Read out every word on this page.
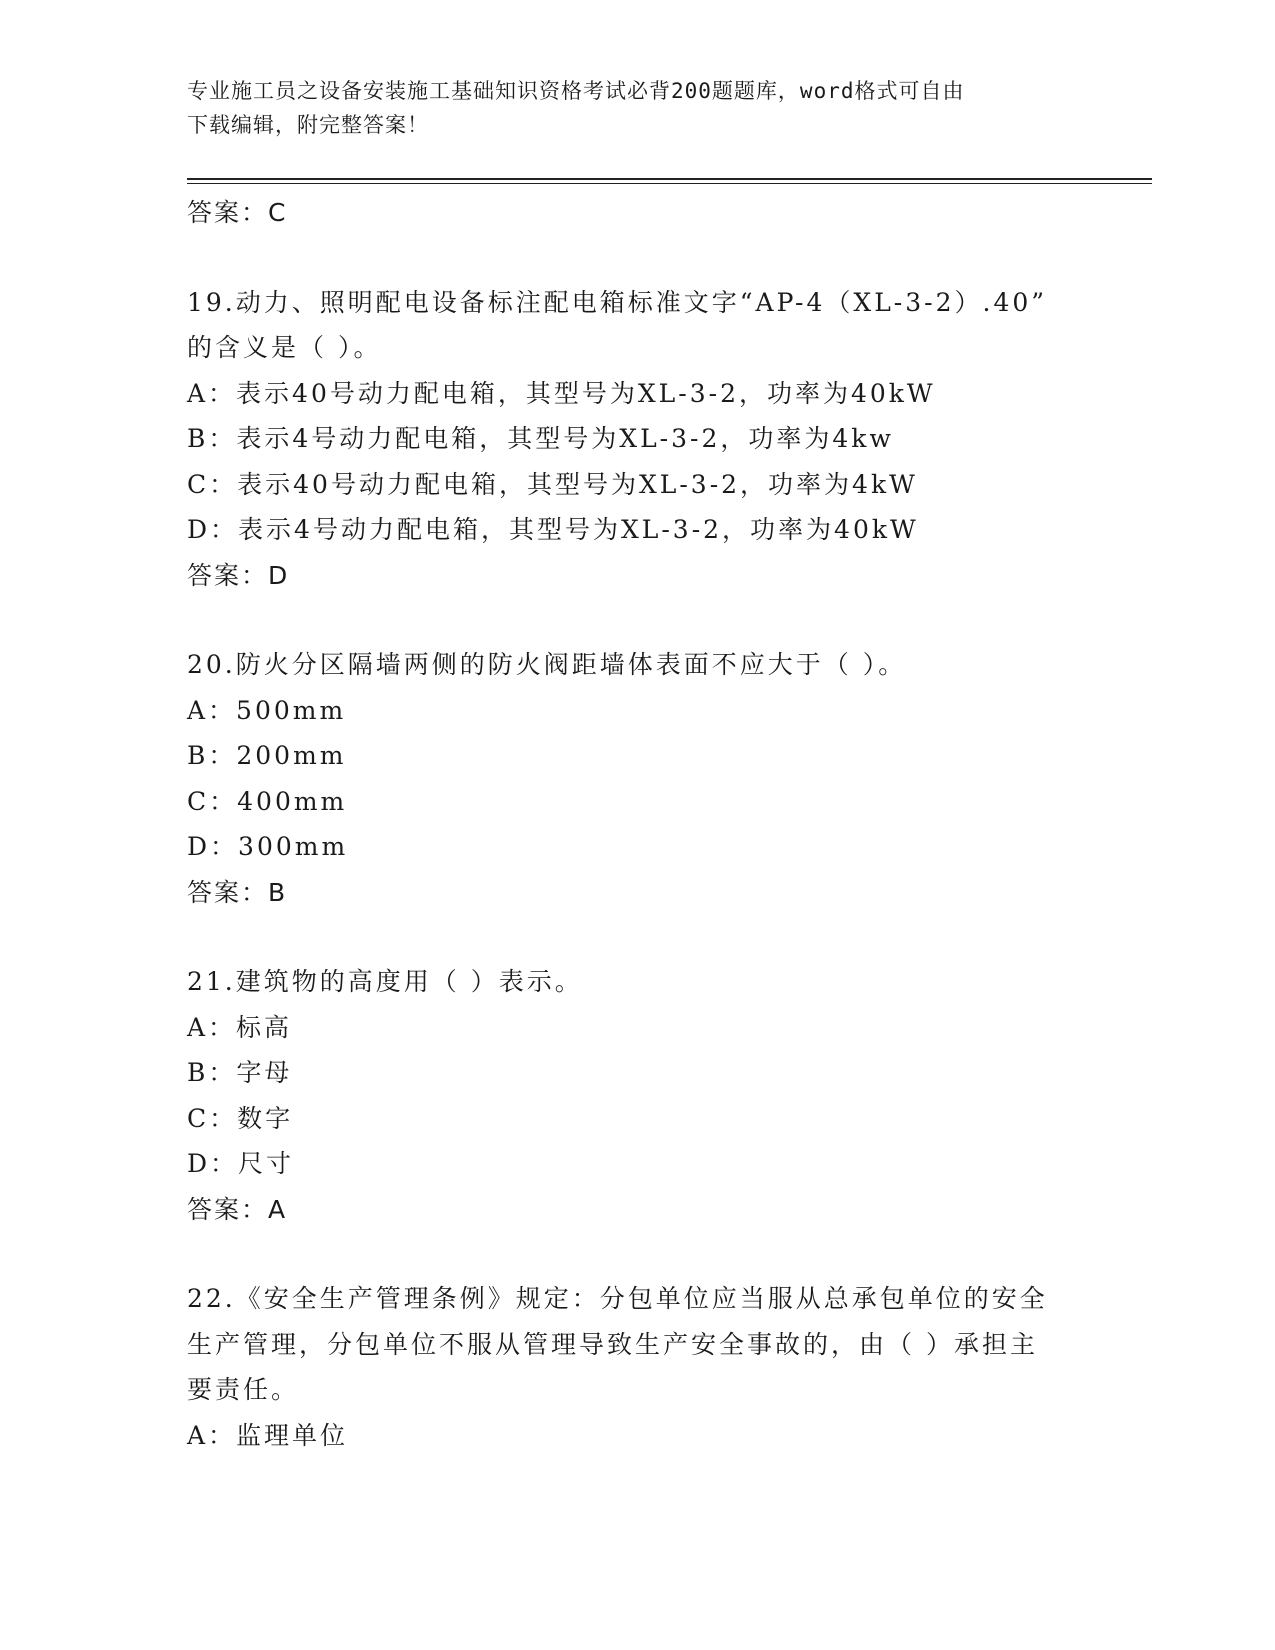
专业施工员之设备安装施工基础知识资格考试必背200题题库，word格式可自由
下载编辑，附完整答案！
答案：C
19.动力、照明配电设备标注配电箱标准文字“AP-4（XL-3-2）.40”
的含义是（ ）。
A：表示40号动力配电箱，其型号为XL-3-2，功率为40kW
B：表示4号动力配电箱，其型号为XL-3-2，功率为4kw
C：表示40号动力配电箱，其型号为XL-3-2，功率为4kW
D：表示4号动力配电箱，其型号为XL-3-2，功率为40kW
答案：D
20.防火分区隔墙两侧的防火阀距墙体表面不应大于（ ）。
A：500mm
B：200mm
C：400mm
D：300mm
答案：B
21.建筑物的高度用（ ）表示。
A：标高
B：字母
C：数字
D：尺寸
答案：A
22.《安全生产管理条例》规定：分包单位应当服从总承包单位的安全
生产管理，分包单位不服从管理导致生产安全事故的，由（ ）承担主
要责任。
A：监理单位
